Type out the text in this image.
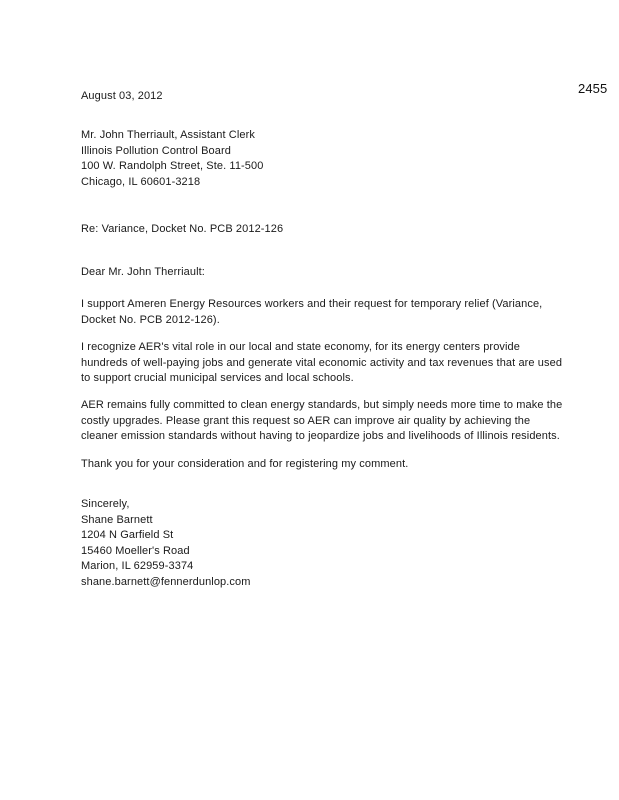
2455
August 03, 2012
Mr. John Therriault, Assistant Clerk
Illinois Pollution Control Board
100 W. Randolph Street, Ste. 11-500
Chicago, IL 60601-3218
Re: Variance, Docket No. PCB 2012-126
Dear Mr. John Therriault:
I support Ameren Energy Resources workers and their request for temporary relief (Variance, Docket No. PCB 2012-126).
I recognize AER's vital role in our local and state economy, for its energy centers provide hundreds of well-paying jobs and generate vital economic activity and tax revenues that are used to support crucial municipal services and local schools.
AER remains fully committed to clean energy standards, but simply needs more time to make the costly upgrades. Please grant this request so AER can improve air quality by achieving the cleaner emission standards without having to jeopardize jobs and livelihoods of Illinois residents.
Thank you for your consideration and for registering my comment.
Sincerely,
Shane Barnett
1204 N Garfield St
15460 Moeller's Road
Marion, IL 62959-3374
shane.barnett@fennerdunlop.com
